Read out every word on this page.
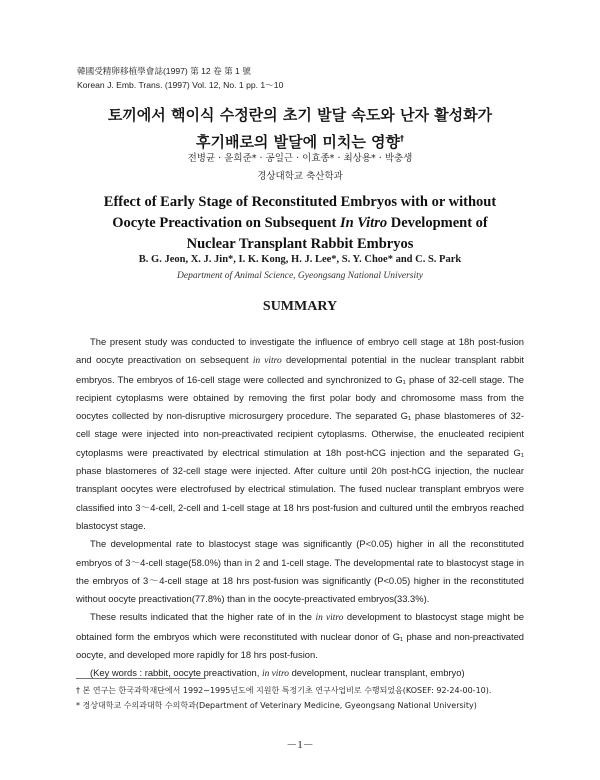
韓國受精卵移植學會誌(1997) 第 12 卷 第 1 號
Korean J. Emb. Trans. (1997) Vol. 12, No. 1 pp. 1～10
토끼에서 핵이식 수정란의 초기 발달 속도와 난자 활성화가
후기배로의 발달에 미치는 영향†
전병균 · 윤희준* · 공일근 · 이효종* · 최상용* · 박충생
경상대학교 축산학과
Effect of Early Stage of Reconstituted Embryos with or without
Oocyte Preactivation on Subsequent In Vitro Development of
Nuclear Transplant Rabbit Embryos
B. G. Jeon, X. J. Jin*, I. K. Kong, H. J. Lee*, S. Y. Choe* and C. S. Park
Department of Animal Science, Gyeongsang National University
SUMMARY

The present study was conducted to investigate the influence of embryo cell stage at 18h post-fusion and oocyte preactivation on sebsequent in vitro developmental potential in the nuclear transplant rabbit embryos. The embryos of 16-cell stage were collected and synchronized to G₁ phase of 32-cell stage. The recipient cytoplasms were obtained by removing the first polar body and chromosome mass from the oocytes collected by non-disruptive microsurgery procedure. The separated G₁ phase blastomeres of 32-cell stage were injected into non-preactivated recipient cytoplasms. Otherwise, the enucleated recipient cytoplasms were preactivated by electrical stimulation at 18h post-hCG injection and the separated G₁ phase blastomeres of 32-cell stage were injected. After culture until 20h post-hCG injection, the nuclear transplant oocytes were electrofused by electrical stimulation. The fused nuclear transplant embryos were classified into 3～4-cell, 2-cell and 1-cell stage at 18 hrs post-fusion and cultured until the embryos reached blastocyst stage.

The developmental rate to blastocyst stage was significantly (P<0.05) higher in all the reconstituted embryos of 3～4-cell stage(58.0%) than in 2 and 1-cell stage. The developmental rate to blastocyst stage in the embryos of 3～4-cell stage at 18 hrs post-fusion was significantly (P<0.05) higher in the reconstituted without oocyte preactivation(77.8%) than in the oocyte-preactivated embryos(33.3%).

These results indicated that the higher rate of in the in vitro development to blastocyst stage might be obtained form the embryos which were reconstituted with nuclear donor of G₁ phase and non-preactivated oocyte, and developed more rapidly for 18 hrs post-fusion.

(Key words : rabbit, oocyte preactivation, in vitro development, nuclear transplant, embryo)

† 본 연구는 한국과학재단에서 1992∼1995년도에 지원한 특정기초 연구사업비로 수행되었음(KOSEF: 92-24-00-10).

* 경상대학교 수의과대학 수의학과(Department of Veterinary Medicine, Gyeongsang National University)

－1－
